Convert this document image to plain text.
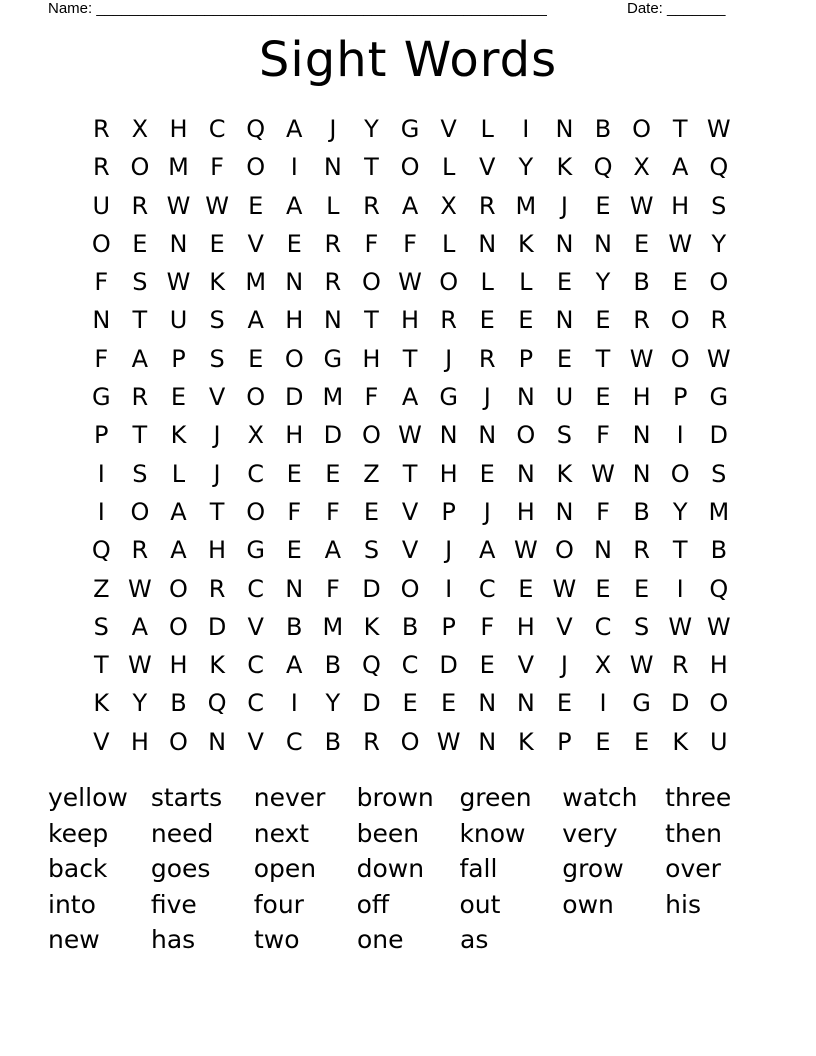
Name: ______________________________________________________	Date: _______
Sight Words
R X H C Q A	J	Y G V L	I	N B O T W
R O M F O	I	N T O L V Y K Q X A Q
U R W W E A L R A X R M	J	E W H S
O E N E V E R F	F	L N K N N E W Y
F	S W K M N R O W O L	L	E Y B E O
N T U S A H N T H R E E N E R O R
F A P S E O G H T	J	R P E T W O W
G R E V O D M F A G	J	N U E H P G
P	T K	J	X H D O W N N O S	F N	I	D
I	S	L	J	C E E Z T H E N K W N O S
I	O A T O F	F	E V P	J	H N F B Y M
Q R A H G E A S V	J	A W O N R T B
Z W O R C N F D O	I	C E W E E	I	Q
S A O D V B M K B P	F H V C S W W
T W H K C A B Q C D E V	J	X W R H
K Y B Q C	I	Y D E E N N E	I	G D O
V H O N V C B R O W N K P E E K U
yellow starts	never	brown	green	watch	three
keep	need	next	been	know	very	then
back	goes	open	down	fall	grow	over
into	five	four	off	out	own	his
new	has	two	one	as
